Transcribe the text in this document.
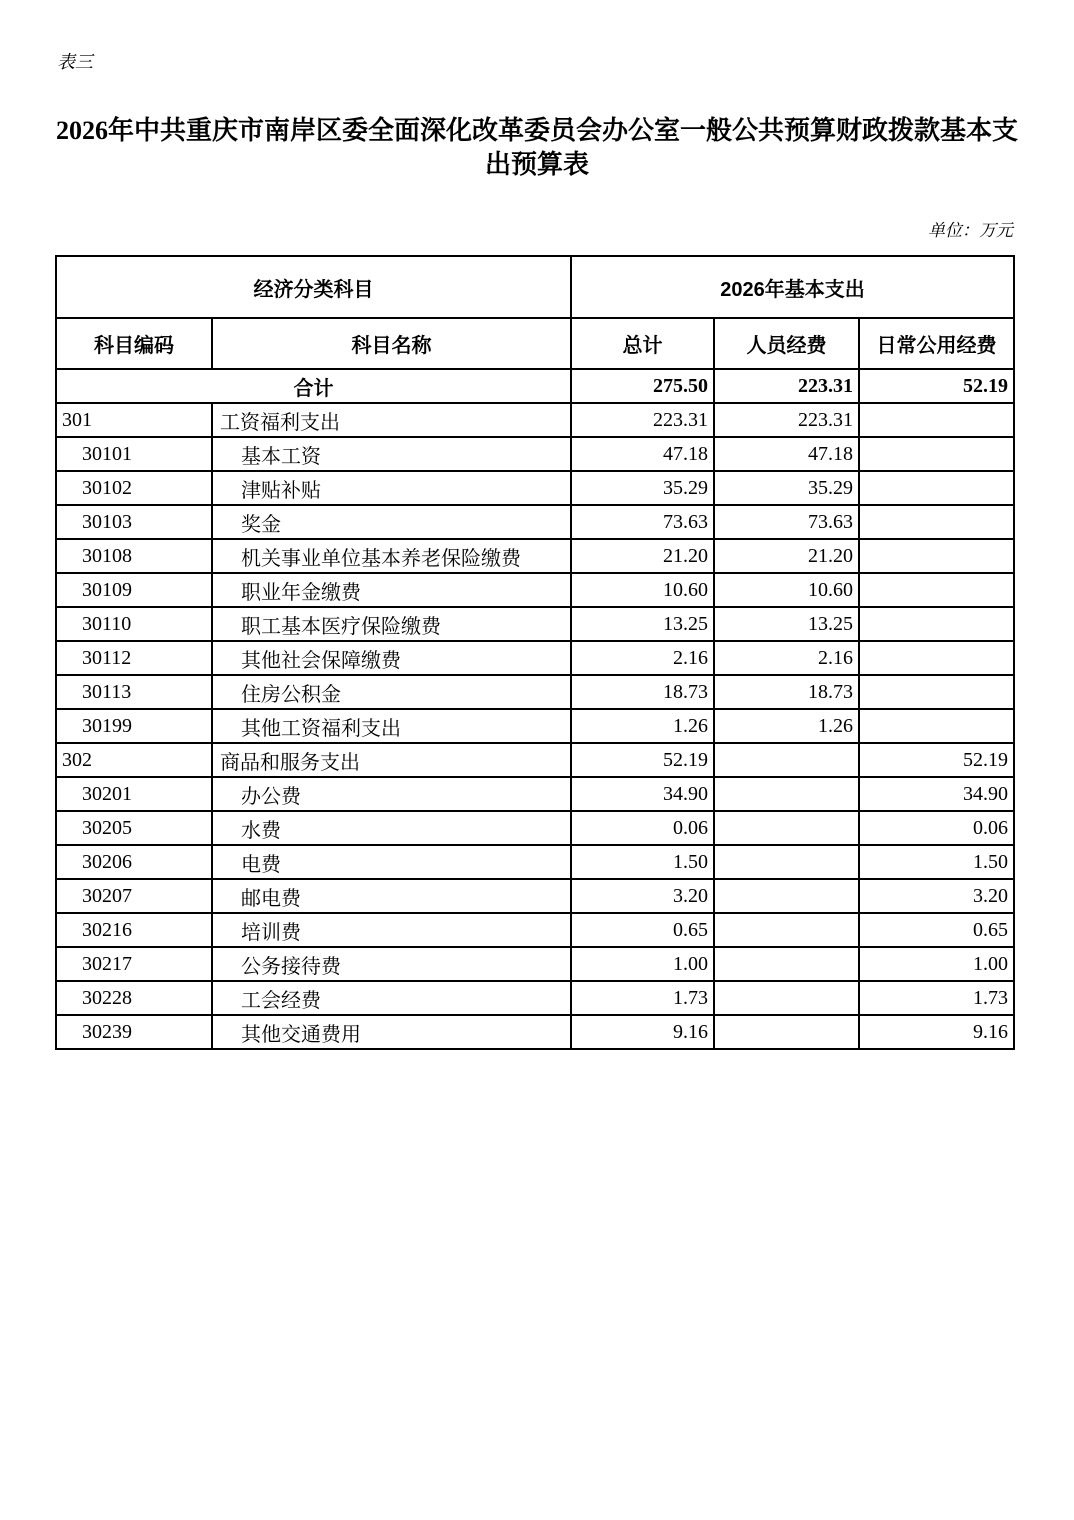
表三
2026年中共重庆市南岸区委全面深化改革委员会办公室一般公共预算财政拨款基本支出预算表
单位：万元
经济分类科目		2026年基本支出		
科目编码	科目名称	总计	人员经费	日常公用经费
合计		275.50	223.31	52.19
301	工资福利支出	223.31	223.31	
30101	基本工资	47.18	47.18	
30102	津贴补贴	35.29	35.29	
30103	奖金	73.63	73.63	
30108	机关事业单位基本养老保险缴费	21.20	21.20	
30109	职业年金缴费	10.60	10.60	
30110	职工基本医疗保险缴费	13.25	13.25	
30112	其他社会保障缴费	2.16	2.16	
30113	住房公积金	18.73	18.73	
30199	其他工资福利支出	1.26	1.26	
302	商品和服务支出	52.19		52.19
30201	办公费	34.90		34.90
30205	水费	0.06		0.06
30206	电费	1.50		1.50
30207	邮电费	3.20		3.20
30216	培训费	0.65		0.65
30217	公务接待费	1.00		1.00
30228	工会经费	1.73		1.73
30239	其他交通费用	9.16		9.16
